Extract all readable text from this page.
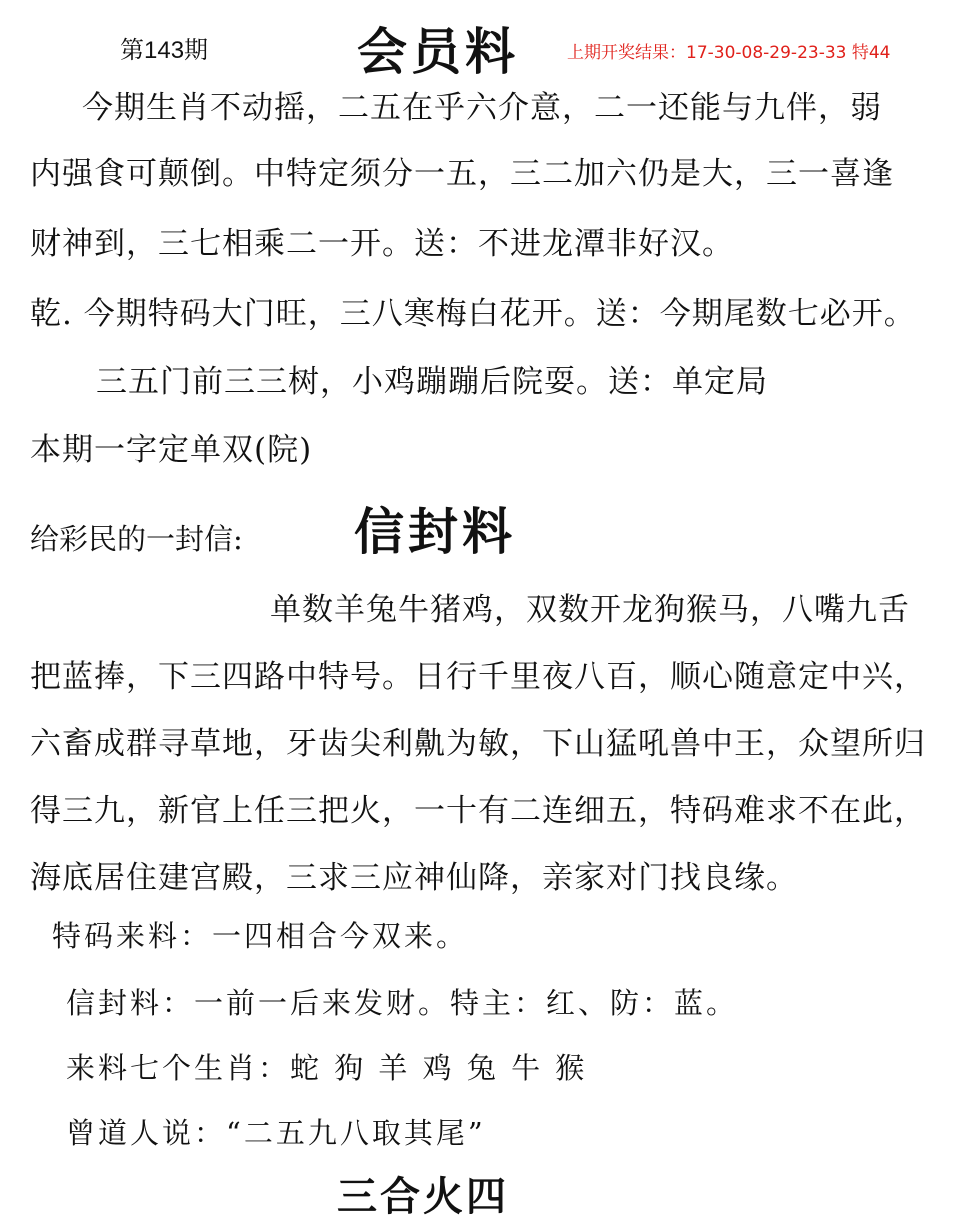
第143期	会员料	上期开奖结果：17-30-08-29-23-33 特44
今期生肖不动摇，二五在乎六介意，二一还能与九伴，弱
内强食可颠倒。中特定须分一五，三二加六仍是大，三一喜逢
财神到，三七相乘二一开。送：不进龙潭非好汉。
乾. 今期特码大门旺，三八寒梅白花开。送：今期尾数七必开。
三五门前三三树，小鸡蹦蹦后院耍。送：单定局
本期一字定单双(院)
给彩民的一封信: 信封料
单数羊兔牛猪鸡，双数开龙狗猴马，八嘴九舌
把蓝捧，下三四路中特号。日行千里夜八百，顺心随意定中兴，
六畜成群寻草地，牙齿尖利鼽为敏，下山猛吼兽中王，众望所归
得三九，新官上任三把火，一十有二连细五，特码难求不在此，
海底居住建宫殿，三求三应神仙降，亲家对门找良缘。
特码来料：一四相合今双来。
信封料：一前一后来发财。特主：红、防：蓝。
来料七个生肖：蛇 狗 羊 鸡 兔 牛 猴
曾道人说：“二五九八取其尾”
三合火四
